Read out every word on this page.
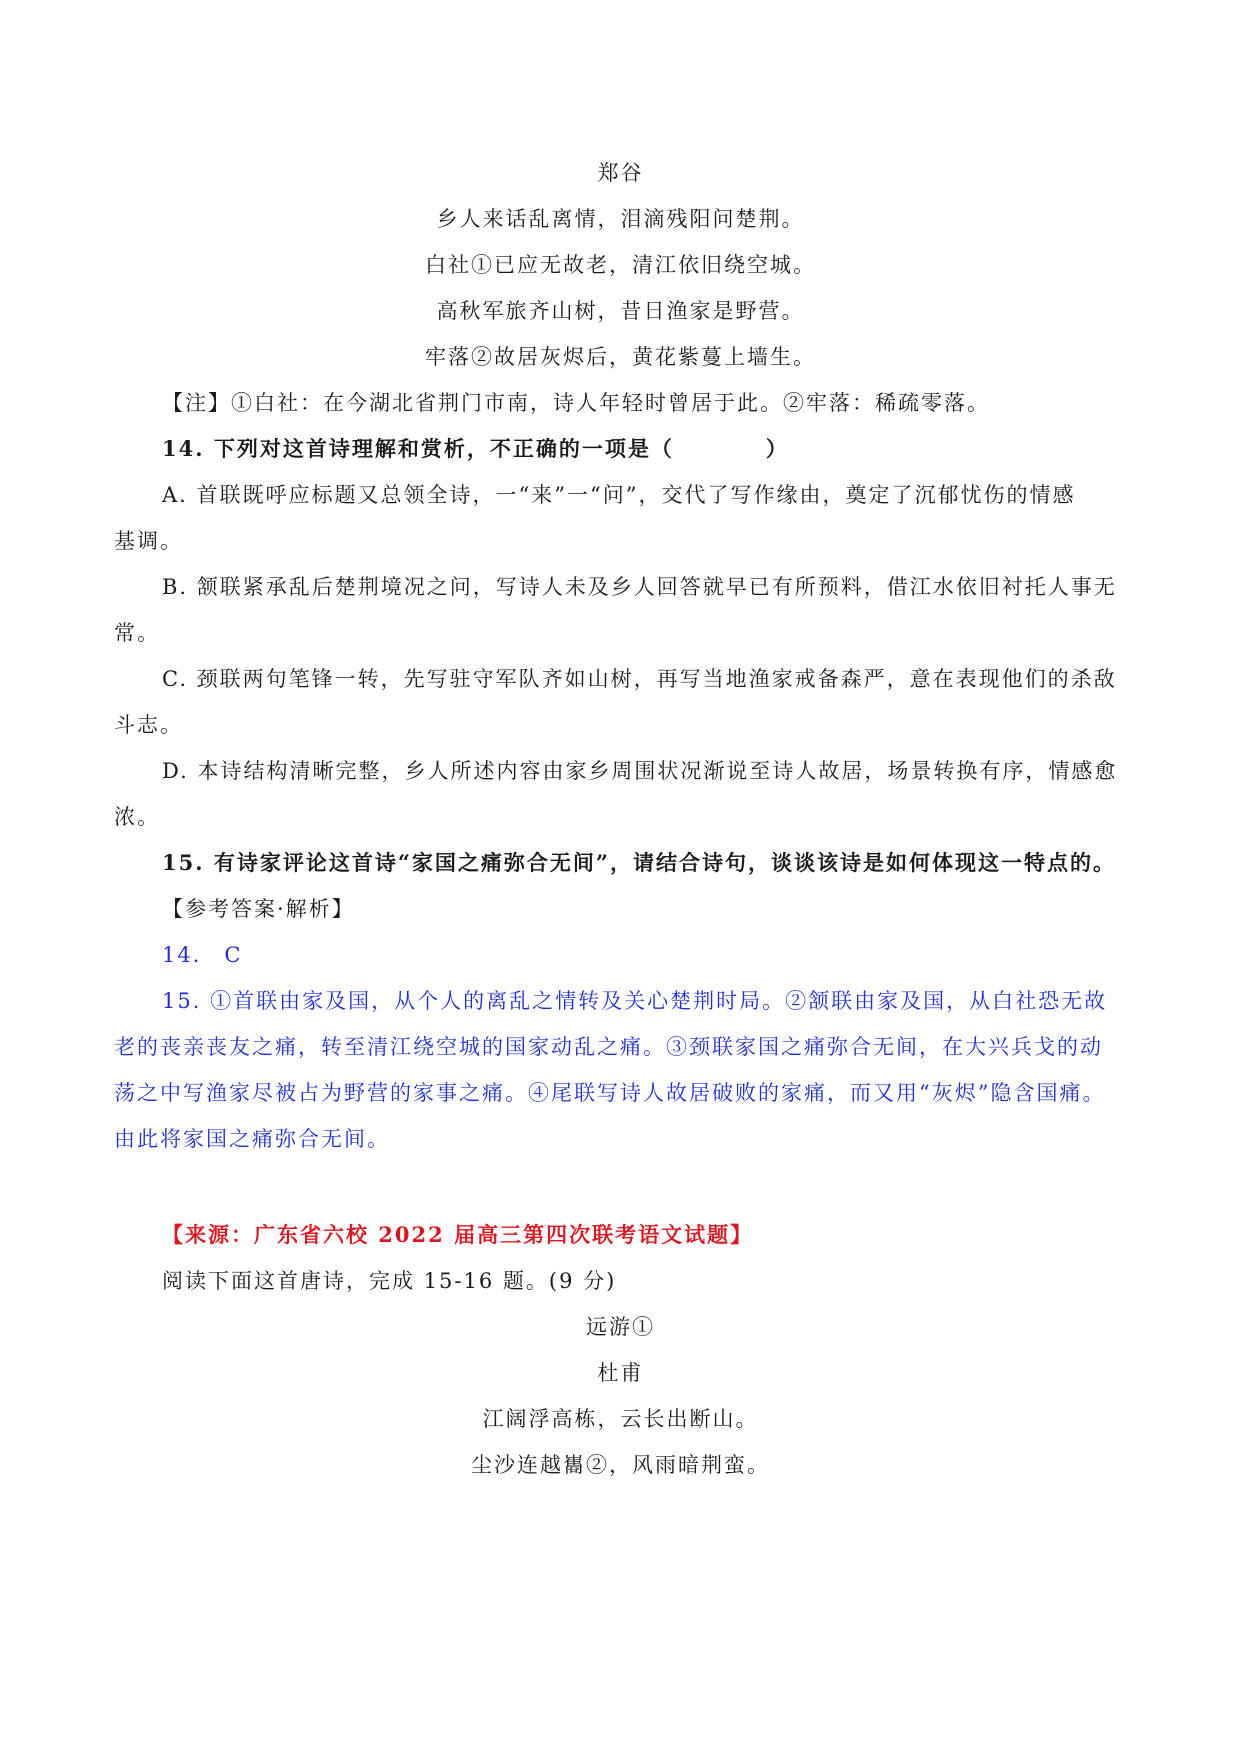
郑谷
乡人来话乱离情，泪滴残阳问楚荆。
白社①已应无故老，清江依旧绕空城。
高秋军旅齐山树，昔日渔家是野营。
牢落②故居灰烬后，黄花紫蔓上墙生。
【注】①白社：在今湖北省荆门市南，诗人年轻时曾居于此。②牢落：稀疏零落。
14. 下列对这首诗理解和赏析，不正确的一项是（　　　　）
A. 首联既呼应标题又总领全诗，一“来”一“问”，交代了写作缘由，奠定了沉郁忧伤的情感
基调。
B. 颔联紧承乱后楚荆境况之问，写诗人未及乡人回答就早已有所预料，借江水依旧衬托人事无
常。
C. 颈联两句笔锋一转，先写驻守军队齐如山树，再写当地渔家戒备森严，意在表现他们的杀敌
斗志。
D. 本诗结构清晰完整，乡人所述内容由家乡周围状况渐说至诗人故居，场景转换有序，情感愈
浓。
15. 有诗家评论这首诗“家国之痛弥合无间”，请结合诗句，谈谈该诗是如何体现这一特点的。
【参考答案·解析】
14.　C
15. ①首联由家及国，从个人的离乱之情转及关心楚荆时局。②颔联由家及国，从白社恐无故
老的丧亲丧友之痛，转至清江绕空城的国家动乱之痛。③颈联家国之痛弥合无间，在大兴兵戈的动
荡之中写渔家尽被占为野营的家事之痛。④尾联写诗人故居破败的家痛，而又用“灰烬”隐含国痛。
由此将家国之痛弥合无间。
【来源：广东省六校 2022 届高三第四次联考语文试题】
阅读下面这首唐诗，完成 15-16 题。(9 分)
远游①
杜甫
江阔浮高栋，云长出断山。
尘沙连越巂②，风雨暗荆蛮。
